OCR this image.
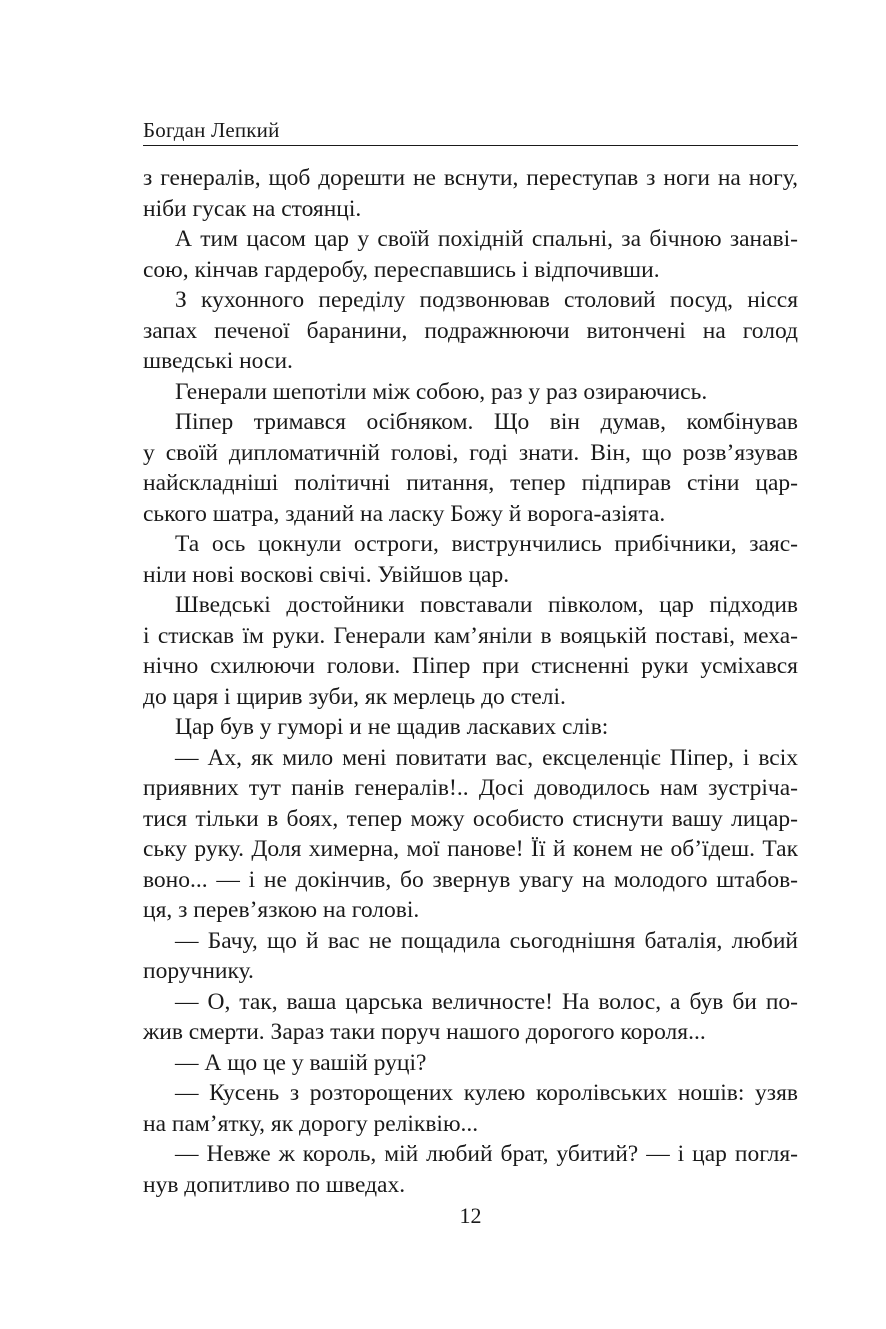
Богдан Лепкий

з генералів, щоб дорешти не вснути, переступав з ноги на ногу,

ніби гусак на стоянці.

А тим цасом цар у своїй похідній спальні, за бічною занаві-

сою, кінчав гардеробу, переспавшись і відпочивши.

З кухонного переділу подзвонював столовий посуд, нісся

запах печеної баранини, подражнюючи витончені на голод

шведські носи.

Генерали шепотіли між собою, раз у раз озираючись.

Піпер тримався осібняком. Що він думав, комбінував

у своїй дипломатичній голові, годі знати. Він, що розв’язував

найскладніші політичні питання, тепер підпирав стіни цар-

ського шатра, зданий на ласку Божу й ворога-азіята.

Та ось цокнули остроги, виструнчились прибічники, заяс-

ніли нові воскові свічі. Увійшов цар.

Шведські достойники повставали півколом, цар підходив

і стискав їм руки. Генерали кам’яніли в вояцькій поставі, меха-

нічно схилюючи голови. Піпер при стисненні руки усміхався

до царя і щирив зуби, як мерлець до стелі.

Цар був у гуморі и не щадив ласкавих слів:

— Ах, як мило мені повитати вас, ексцеленціє Піпер, і всіх

приявних тут панів генералів!.. Досі доводилось нам зустріча-

тися тільки в боях, тепер можу особисто стиснути вашу лицар-

ську руку. Доля химерна, мої панове! Її й конем не об’їдеш. Так

воно... — і не докінчив, бо звернув увагу на молодого штабов-

ця, з перев’язкою на голові.

— Бачу, що й вас не пощадила сьогоднішня баталія, любий

поручнику.

— О, так, ваша царська величносте! На волос, а був би по-

жив смерти. Зараз таки поруч нашого дорогого короля...

— А що це у вашій руці?

— Кусень з розторощених кулею королівських ношів: узяв

на пам’ятку, як дорогу реліквію...

— Невже ж король, мій любий брат, убитий? — і цар погля-

нув допитливо по шведах.

12
